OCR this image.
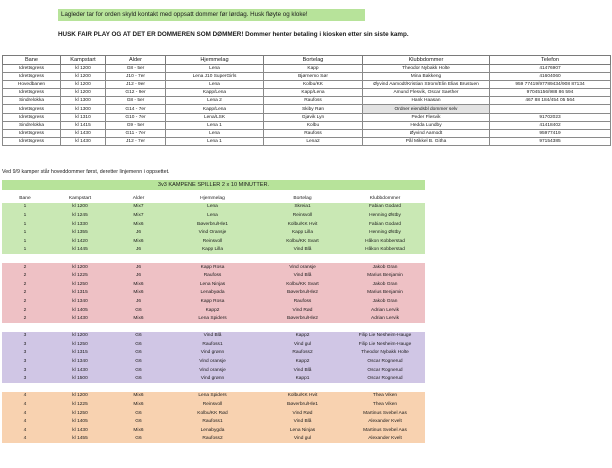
Lagleder tar for orden skyld kontakt med oppsatt dommer før lørdag. Husk fløyte og kloke!
HUSK FAIR PLAY OG AT DET ER DOMMEREN SOM DØMMER! Dommer henter betaling i kiosken etter sin siste kamp.
Bane	Kampstart	Alder	Hjemmelag	Bortelag	Klubbdommer	Telefon
Idrettsgress	kl 1200	G8 - 5er	Lena	Kapp	Theodor Nybakk Holte	41476907
Idrettsgress	kl 1200	J10 - 7er	Lena J10 SuperGirls	Bjørnemo Sør	Mina Bakkeng	41604060
Hovedbanen	kl 1200	J12 - 9er	Lena	Kolbu/KK	Øyvind Aamodt/Kristian Strom/Elin Elias Brustuen	959 77419/97789434/908 87134
Idrettsgress	kl 1200	G12 - 9er	Kapp/Lena	Kapp/Lena	Amund Flesvik, Oscar Saether	97045156/988 86 594
Sindrelokka	kl 1300	G8 - 5er	Lena 2	Raufoss	Hank Haasan	467 88 184/454 05 564
Idrettsgress	kl 1300	G14 - 7er	Kapp/Lena	Skiby Røn	Ordner eiendsbl dommer selv	
Idrettsgress	kl 1310	G10 - 7er	Lena/LSK	Gjøvik Lyn	Peder Flesvik	91702023
Sindrelokka	kl 1415	G9 - 5er	Lena 1	Kolbu	Hedda Lundby	41418402
Idrettsgress	kl 1430	G11 - 7er	Lena	Raufoss	Øyvind Aamodt	95977419
Idrettsgress	kl 1430	J12 - 7er	Lena 1	Lena2	Pål Mikkel B. Githa	97154385
Ved 9/9 kamper står hoveddommer først, deretter linjemenn i oppsettet.
3v3 KAMPENE SPILLER 2 x 10 MINUTTER.
Bane	Kampstart	Alder	Hjemmelag	Bortelag	Klubbdommer
1	kl 1200	Mix7	Lena	Skreia1	Fabian Godard
1	kl 1245	Mix7	Lena	Reinsvoll	Henning Østby
1	kl 1330	Mix6	Bøverbru/Hle1	Kolbu/KK Hvit	Fabian Godard
1	kl 1355	J6	Vind Oransje	Kapp Lilla	Henning Østby
1	kl 1420	Mix6	Reinsvoll	Kolbu/KK Svart	Håkon Kobberstad
1	kl 1445	J6	Kapp Lilla	Vind Blå	Håkon Kobberstad

2	kl 1200	J6	Kapp Rosa	Vind oransje	Jakob Gran
2	kl 1225	J6	Raufoss	Vind Blå	Marius Benjamin
2	kl 1250	Mix6	Lena Ninjas	Kolbu/KK Svart	Jakob Gran
2	kl 1315	Mix6	Lenabyøda	Bøverbru/Hle2	Marius Benjamin
2	kl 1340	J6	Kapp Rosa	Raufoss	Jakob Gran
2	kl 1405	G6	Kapp2	Vind Rød	Adrian Lervik
2	kl 1430	Mix6	Lena Spiders	Bøverbru/Hle2	Adrian Lervik

3	kl 1200	G6	Vind Blå	Kapp2	Filip Lie Nesheim-Hauge
3	kl 1250	G6	Raufoss1	Vind gul	Filip Lie Nesheim-Hauge
3	kl 1315	G6	Vind grønn	Raufoss2	Theodor Nybakk Holte
3	kl 1340	G6	Vind oransje	Kapp2	Oscar Rognerud
3	kl 1430	G6	Vind oransje	Vind Blå	Oscar Rognerud
3	kl 1500	G6	Vind grønn	Kapp1	Oscar Rognerud

4	kl 1200	Mix6	Lena Spiders	Kolbu/KK Hvit	Thea Viken
4	kl 1225	Mix6	Reinsvoll	Bøverbru/Hle1	Thea Viken
4	kl 1250	G6	Kolbu/KK Rød	Vind Rød	Martinus Svebel Aas
4	kl 1405	G6	Raufoss1	Vind Blå	Alexander Kvelt
4	kl 1430	Mix6	Lenabygda	Lena Ninjas	Martinus Svebel Aas
4	kl 1455	G6	Raufoss2	Vind gul	Alexander Kvelt
